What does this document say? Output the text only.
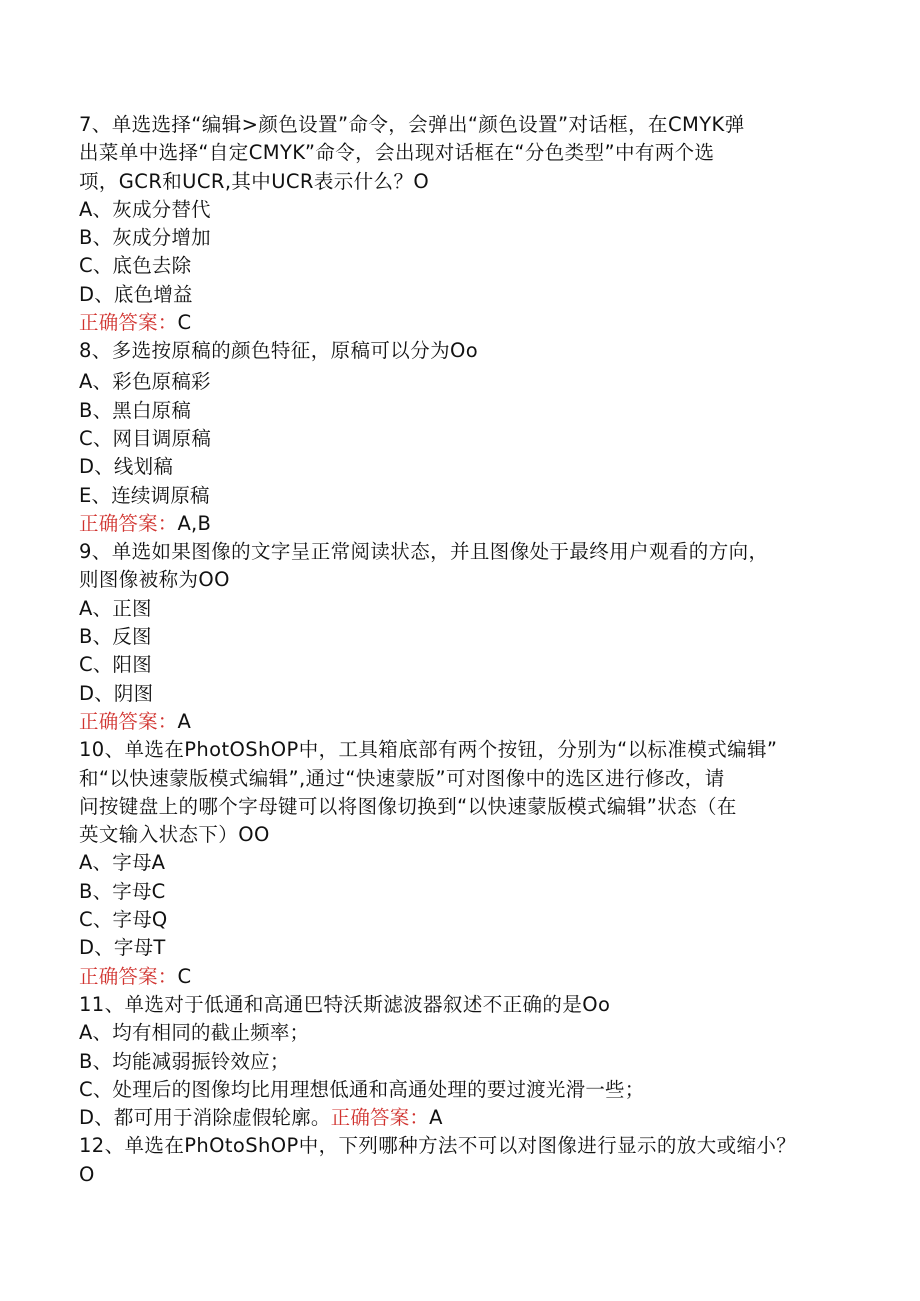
7、单选选择“编辑>颜色设置”命令，会弹出“颜色设置”对话框，在CMYK弹
出菜单中选择“自定CMYK”命令，会出现对话框在“分色类型”中有两个选
项，GCR和UCR,其中UCR表示什么？O
A、灰成分替代
B、灰成分增加
C、底色去除
D、底色增益
正确答案：C
8、多选按原稿的颜色特征，原稿可以分为Oo
A、彩色原稿彩
B、黑白原稿
C、网目调原稿
D、线划稿
E、连续调原稿
正确答案：A,B
9、单选如果图像的文字呈正常阅读状态，并且图像处于最终用户观看的方向，
则图像被称为OO
A、正图
B、反图
C、阳图
D、阴图
正确答案：A
10、单选在PhotOShOP中，工具箱底部有两个按钮，分别为“以标准模式编辑”
和“以快速蒙版模式编辑”,通过“快速蒙版”可对图像中的选区进行修改，请
问按键盘上的哪个字母键可以将图像切换到“以快速蒙版模式编辑”状态（在
英文输入状态下）OO
A、字母A
B、字母C
C、字母Q
D、字母T
正确答案：C
11、单选对于低通和高通巴特沃斯滤波器叙述不正确的是Oo
A、均有相同的截止频率；
B、均能减弱振铃效应；
C、处理后的图像均比用理想低通和高通处理的要过渡光滑一些；
D、都可用于消除虚假轮廓。正确答案：A
12、单选在PhOtoShOP中，下列哪种方法不可以对图像进行显示的放大或缩小？
O
